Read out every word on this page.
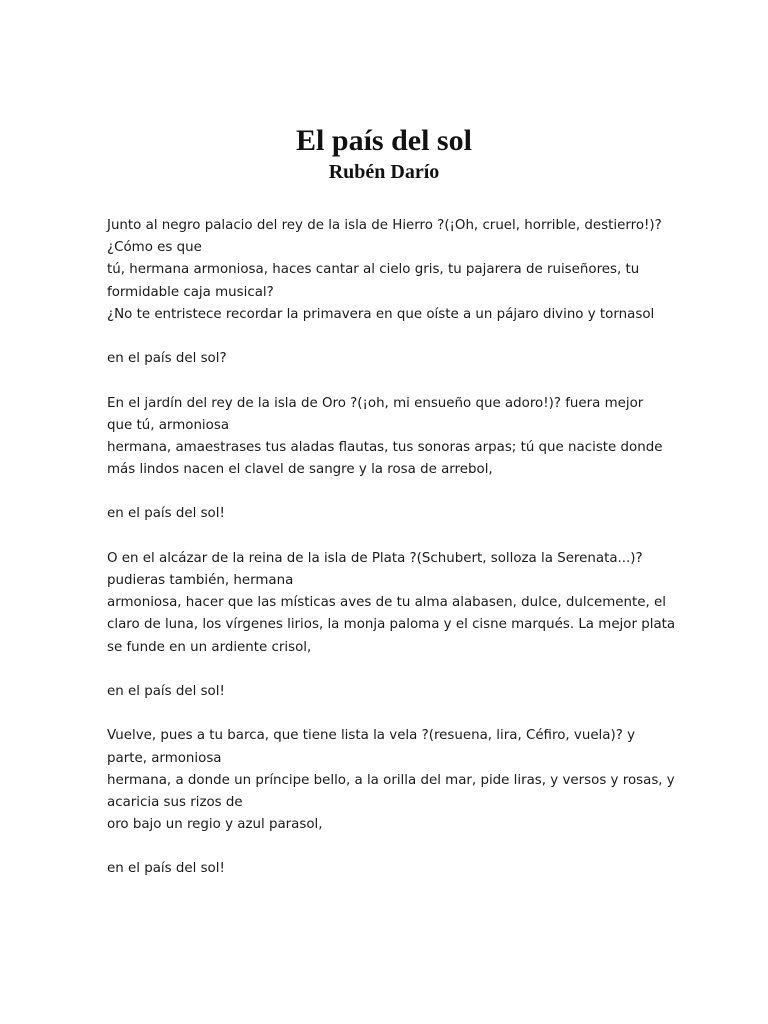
El país del sol
Rubén Darío
Junto al negro palacio del rey de la isla de Hierro ?(¡Oh, cruel, horrible, destierro!)?
¿Cómo es que
tú, hermana armoniosa, haces cantar al cielo gris, tu pajarera de ruiseñores, tu
formidable caja musical?
¿No te entristece recordar la primavera en que oíste a un pájaro divino y tornasol
en el país del sol?
En el jardín del rey de la isla de Oro ?(¡oh, mi ensueño que adoro!)? fuera mejor
que tú, armoniosa
hermana, amaestrases tus aladas flautas, tus sonoras arpas; tú que naciste donde
más lindos nacen el clavel de sangre y la rosa de arrebol,
en el país del sol!
O en el alcázar de la reina de la isla de Plata ?(Schubert, solloza la Serenata...)?
pudieras también, hermana
armoniosa, hacer que las místicas aves de tu alma alabasen, dulce, dulcemente, el
claro de luna, los vírgenes lirios, la monja paloma y el cisne marqués. La mejor plata
se funde en un ardiente crisol,
en el país del sol!
Vuelve, pues a tu barca, que tiene lista la vela ?(resuena, lira, Céfiro, vuela)? y
parte, armoniosa
hermana, a donde un príncipe bello, a la orilla del mar, pide liras, y versos y rosas, y
acaricia sus rizos de
oro bajo un regio y azul parasol,
en el país del sol!
